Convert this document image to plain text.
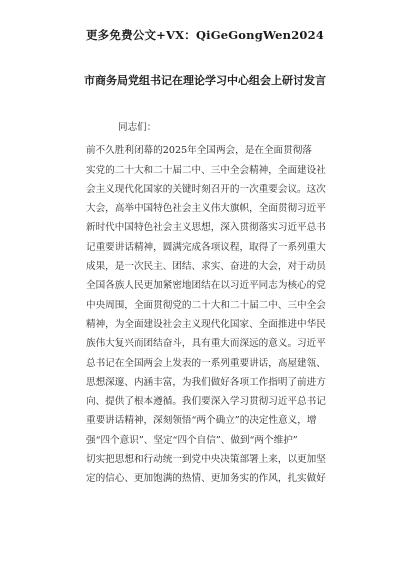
更多免费公文+VX：QiGeGongWen2024
市商务局党组书记在理论学习中心组会上研讨发言
同志们：
前不久胜利闭幕的2025年全国两会，是在全面贯彻落
实党的二十大和二十届二中、三中全会精神，全面建设社
会主义现代化国家的关键时刻召开的一次重要会议。这次
大会，高举中国特色社会主义伟大旗帜，全面贯彻习近平
新时代中国特色社会主义思想，深入贯彻落实习近平总书
记重要讲话精神，圆满完成各项议程，取得了一系列重大
成果，是一次民主、团结、求实、奋进的大会，对于动员
全国各族人民更加紧密地团结在以习近平同志为核心的党
中央周围，全面贯彻党的二十大和二十届二中、三中全会
精神，为全面建设社会主义现代化国家、全面推进中华民
族伟大复兴而团结奋斗，具有重大而深远的意义。习近平
总书记在全国两会上发表的一系列重要讲话，高屋建瓴、
思想深邃、内涵丰富，为我们做好各项工作指明了前进方
向、提供了根本遵循。我们要深入学习贯彻习近平总书记
重要讲话精神，深刻领悟“两个确立”的决定性意义，增
强“四个意识”、坚定“四个自信”、做到“两个维护”
切实把思想和行动统一到党中央决策部署上来，以更加坚
定的信心、更加饱满的热情、更加务实的作风，扎实做好
